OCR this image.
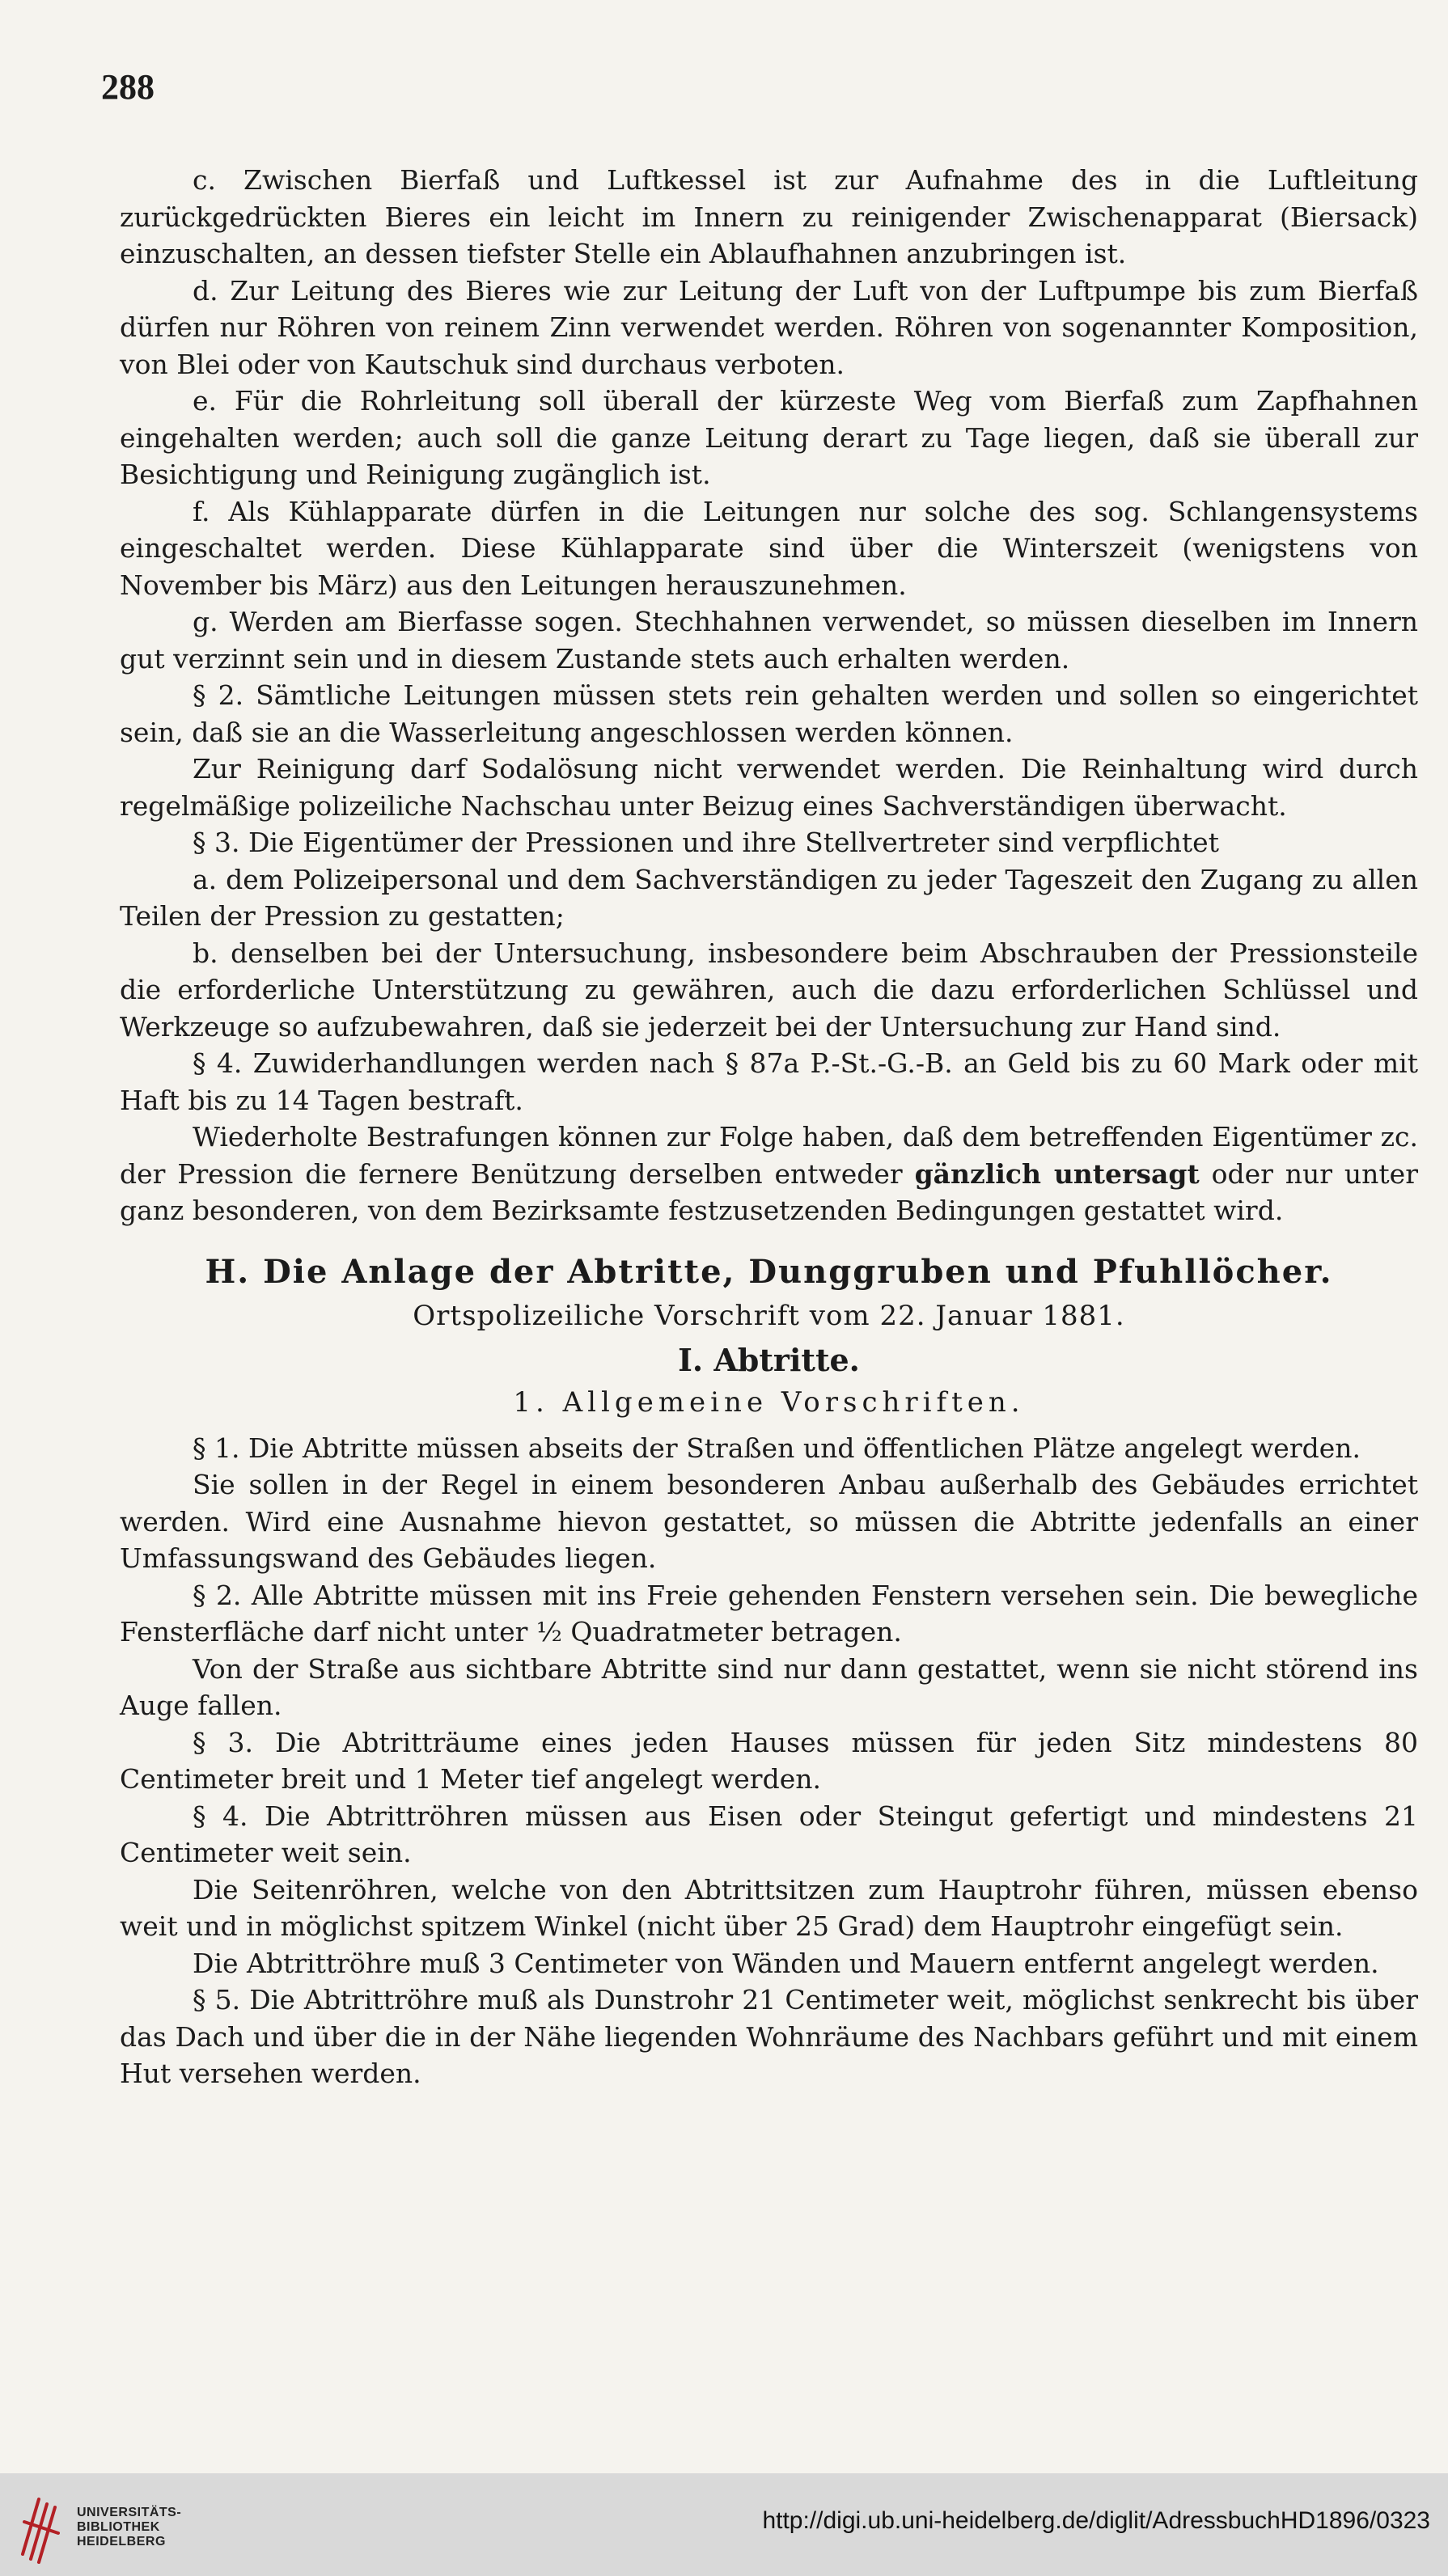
288

c. Zwischen Bierfaß und Luftkessel ist zur Aufnahme des in die Luftleitung zurückgedrückten Bieres ein leicht im Innern zu reinigender Zwischenapparat (Biersack) einzuschalten, an dessen tiefster Stelle ein Ablaufhahnen anzubringen ist.

d. Zur Leitung des Bieres wie zur Leitung der Luft von der Luftpumpe bis zum Bierfaß dürfen nur Röhren von reinem Zinn verwendet werden. Röhren von sogenannter Komposition, von Blei oder von Kautschuk sind durchaus verboten.

e. Für die Rohrleitung soll überall der kürzeste Weg vom Bierfaß zum Zapfhahnen eingehalten werden; auch soll die ganze Leitung derart zu Tage liegen, daß sie überall zur Besichtigung und Reinigung zugänglich ist.

f. Als Kühlapparate dürfen in die Leitungen nur solche des sog. Schlangensystems eingeschaltet werden. Diese Kühlapparate sind über die Winterszeit (wenigstens von November bis März) aus den Leitungen herauszunehmen.

g. Werden am Bierfasse sogen. Stechhahnen verwendet, so müssen dieselben im Innern gut verzinnt sein und in diesem Zustande stets auch erhalten werden.

§ 2. Sämtliche Leitungen müssen stets rein gehalten werden und sollen so eingerichtet sein, daß sie an die Wasserleitung angeschlossen werden können.

Zur Reinigung darf Sodalösung nicht verwendet werden. Die Reinhaltung wird durch regelmäßige polizeiliche Nachschau unter Beizug eines Sachverständigen überwacht.

§ 3. Die Eigentümer der Pressionen und ihre Stellvertreter sind verpflichtet

a. dem Polizeipersonal und dem Sachverständigen zu jeder Tageszeit den Zugang zu allen Teilen der Pression zu gestatten;

b. denselben bei der Untersuchung, insbesondere beim Abschrauben der Pressionsteile die erforderliche Unterstützung zu gewähren, auch die dazu erforderlichen Schlüssel und Werkzeuge so aufzubewahren, daß sie jederzeit bei der Untersuchung zur Hand sind.

§ 4. Zuwiderhandlungen werden nach § 87a P.-St.-G.-B. an Geld bis zu 60 Mark oder mit Haft bis zu 14 Tagen bestraft.

Wiederholte Bestrafungen können zur Folge haben, daß dem betreffenden Eigentümer zc. der Pression die fernere Benützung derselben entweder gänzlich untersagt oder nur unter ganz besonderen, von dem Bezirksamte festzusetzenden Bedingungen gestattet wird.

H. Die Anlage der Abtritte, Dunggruben und Pfuhllöcher.
Ortspolizeiliche Vorschrift vom 22. Januar 1881.
I. Abtritte.
1. Allgemeine Vorschriften.

§ 1. Die Abtritte müssen abseits der Straßen und öffentlichen Plätze angelegt werden.

Sie sollen in der Regel in einem besonderen Anbau außerhalb des Gebäudes errichtet werden. Wird eine Ausnahme hievon gestattet, so müssen die Abtritte jedenfalls an einer Umfassungswand des Gebäudes liegen.

§ 2. Alle Abtritte müssen mit ins Freie gehenden Fenstern versehen sein. Die bewegliche Fensterfläche darf nicht unter ½ Quadratmeter betragen.

Von der Straße aus sichtbare Abtritte sind nur dann gestattet, wenn sie nicht störend ins Auge fallen.

§ 3. Die Abtritträume eines jeden Hauses müssen für jeden Sitz mindestens 80 Centimeter breit und 1 Meter tief angelegt werden.

§ 4. Die Abtrittröhren müssen aus Eisen oder Steingut gefertigt und mindestens 21 Centimeter weit sein.

Die Seitenröhren, welche von den Abtrittsitzen zum Hauptrohr führen, müssen ebenso weit und in möglichst spitzem Winkel (nicht über 25 Grad) dem Hauptrohr eingefügt sein.

Die Abtrittröhre muß 3 Centimeter von Wänden und Mauern entfernt angelegt werden.

§ 5. Die Abtrittröhre muß als Dunstrohr 21 Centimeter weit, möglichst senkrecht bis über das Dach und über die in der Nähe liegenden Wohnräume des Nachbars geführt und mit einem Hut versehen werden.

UNIVERSITÄTS-
BIBLIOTHEK
HEIDELBERG
http://digi.ub.uni-heidelberg.de/diglit/AdressbuchHD1896/0323
